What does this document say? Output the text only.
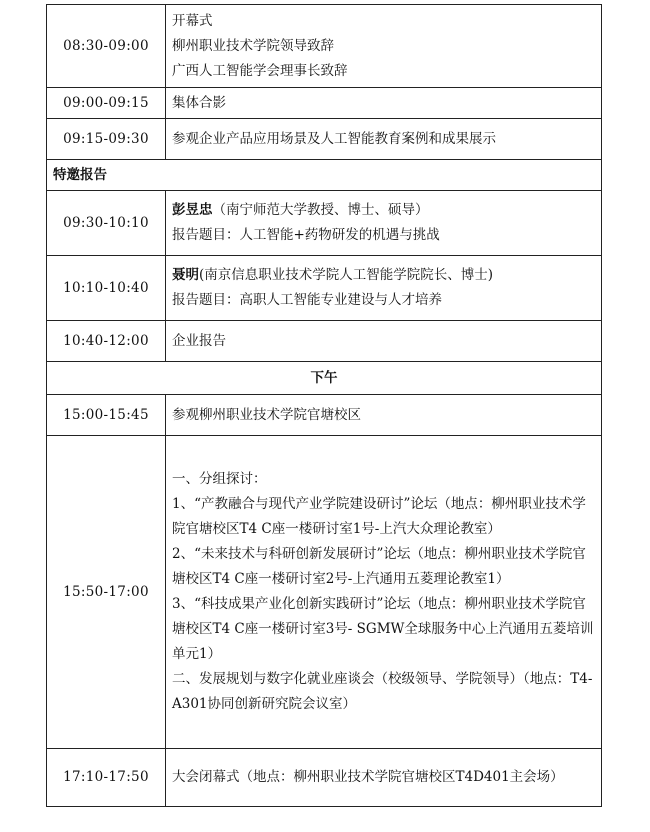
08:30-09:00	开幕式
柳州职业技术学院领导致辞
广西人工智能学会理事长致辞

09:00-09:15	集体合影
09:15-09:30	参观企业产品应用场景及人工智能教育案例和成果展示
特邀报告	
09:30-10:10	彭昱忠（南宁师范大学教授、博士、硕导）
报告题目：人工智能+药物研发的机遇与挑战

10:10-10:40	聂明(南京信息职业技术学院人工智能学院院长、博士)
报告题目：高职人工智能专业建设与人才培养

10:40-12:00	企业报告
下午	
15:00-15:45	参观柳州职业技术学院官塘校区
15:50-17:00	一、分组探讨：
1、“产教融合与现代产业学院建设研讨”论坛（地点：柳州职业技术学院官塘校区T4 C座一楼研讨室1号-上汽大众理论教室）
2、“未来技术与科研创新发展研讨”论坛（地点：柳州职业技术学院官塘校区T4 C座一楼研讨室2号-上汽通用五菱理论教室1）
3、“科技成果产业化创新实践研讨”论坛（地点：柳州职业技术学院官塘校区T4 C座一楼研讨室3号- SGMW全球服务中心上汽通用五菱培训单元1）
二、发展规划与数字化就业座谈会（校级领导、学院领导）（地点：T4-A301协同创新研究院会议室）

17:10-17:50	大会闭幕式（地点：柳州职业技术学院官塘校区T4D401主会场）
